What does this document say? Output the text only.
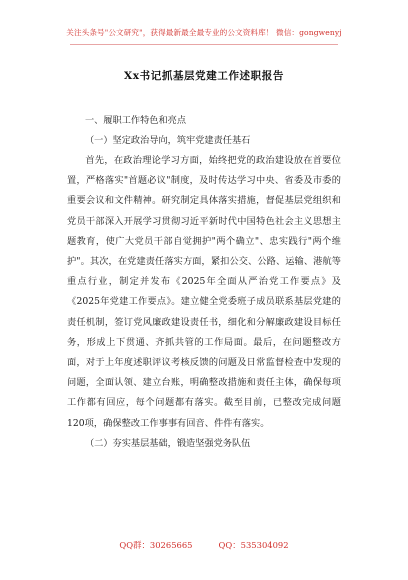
关注头条号"公文研究"，获得最新最全最专业的公文资料库！ 微信：gongwenyj
Xx书记抓基层党建工作述职报告
一、履职工作特色和亮点
（一）坚定政治导向，筑牢党建责任基石

首先，在政治理论学习方面，始终把党的政治建设放在首要位置，严格落实"首题必议"制度，及时传达学习中央、省委及市委的重要会议和文件精神。研究制定具体落实措施，督促基层党组织和党员干部深入开展学习贯彻习近平新时代中国特色社会主义思想主题教育，使广大党员干部自觉拥护"两个确立"、忠实践行"两个维护"。其次，在党建责任落实方面，紧扣公交、公路、运输、港航等重点行业，制定并发布《2025年全面从严治党工作要点》及《2025年党建工作要点》。建立健全党委班子成员联系基层党建的责任机制，签订党风廉政建设责任书，细化和分解廉政建设目标任务，形成上下贯通、齐抓共管的工作局面。最后，在问题整改方面，对于上年度述职评议考核反馈的问题及日常监督检查中发现的问题，全面认领、建立台账，明确整改措施和责任主体，确保每项工作都有回应，每个问题都有落实。截至目前，已整改完成问题120项，确保整改工作事事有回音、件件有落实。

（二）夯实基层基础，锻造坚强党务队伍
QQ群：30265665	QQ：535304092
